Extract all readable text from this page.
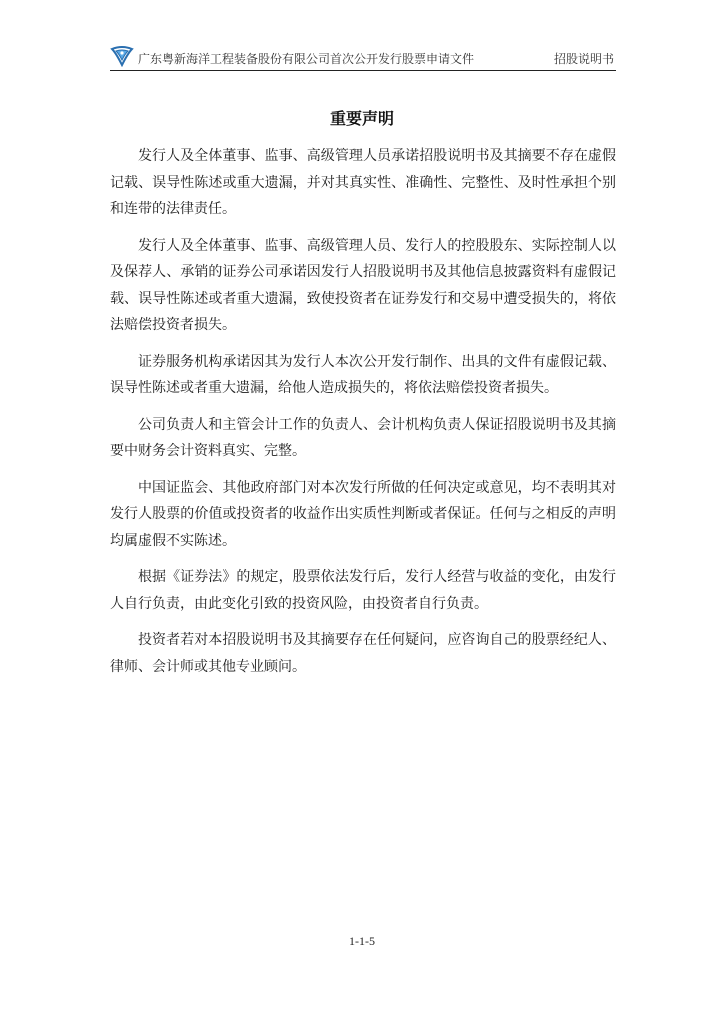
广东粤新海洋工程装备股份有限公司首次公开发行股票申请文件	招股说明书
重要声明

发行人及全体董事、监事、高级管理人员承诺招股说明书及其摘要不存在虚假记载、误导性陈述或重大遗漏，并对其真实性、准确性、完整性、及时性承担个别和连带的法律责任。

发行人及全体董事、监事、高级管理人员、发行人的控股股东、实际控制人以及保荐人、承销的证券公司承诺因发行人招股说明书及其他信息披露资料有虚假记载、误导性陈述或者重大遗漏，致使投资者在证券发行和交易中遭受损失的，将依法赔偿投资者损失。

证券服务机构承诺因其为发行人本次公开发行制作、出具的文件有虚假记载、误导性陈述或者重大遗漏，给他人造成损失的，将依法赔偿投资者损失。

公司负责人和主管会计工作的负责人、会计机构负责人保证招股说明书及其摘要中财务会计资料真实、完整。

中国证监会、其他政府部门对本次发行所做的任何决定或意见，均不表明其对发行人股票的价值或投资者的收益作出实质性判断或者保证。任何与之相反的声明均属虚假不实陈述。

根据《证券法》的规定，股票依法发行后，发行人经营与收益的变化，由发行人自行负责，由此变化引致的投资风险，由投资者自行负责。

投资者若对本招股说明书及其摘要存在任何疑问，应咨询自己的股票经纪人、律师、会计师或其他专业顾问。

1-1-5
